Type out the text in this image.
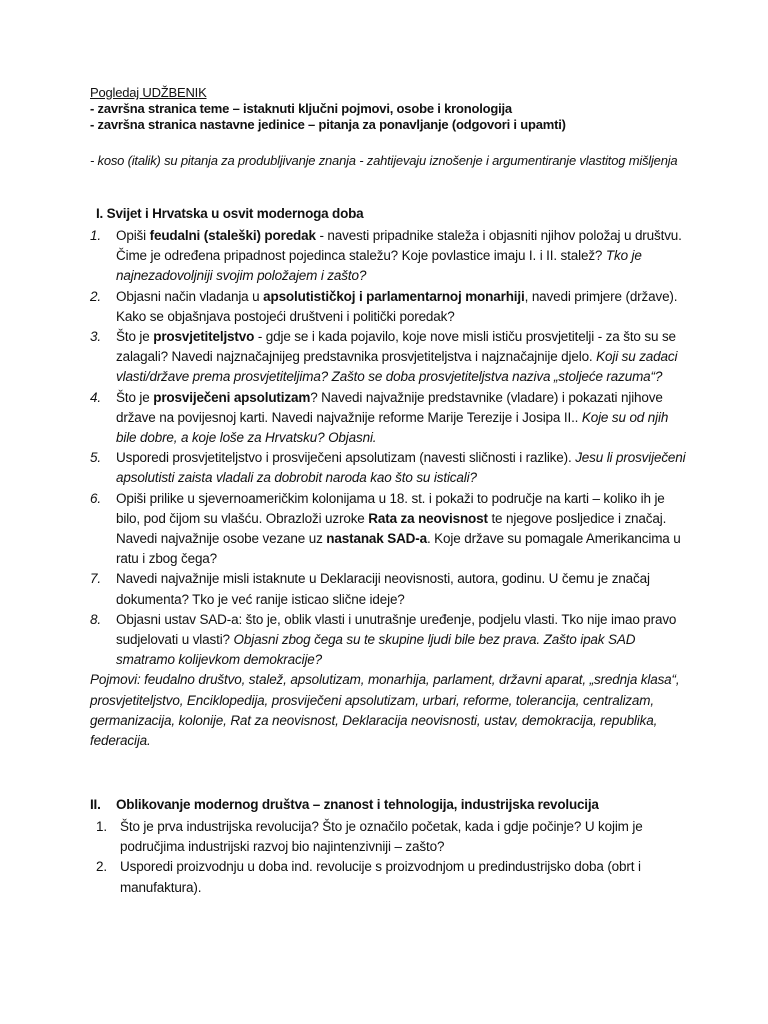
Pogledaj UDŽBENIK
- završna stranica teme – istaknuti ključni pojmovi, osobe i kronologija
- završna stranica nastavne jedinice – pitanja za ponavljanje (odgovori i upamti)
- koso (italik) su pitanja za produbljivanje znanja - zahtijevaju iznošenje i argumentiranje vlastitog mišljenja
I. Svijet i Hrvatska u osvit modernoga doba
1. Opiši feudalni (staleški) poredak - navesti pripadnike staleža i objasniti njihov položaj u društvu. Čime je određena pripadnost pojedinca staležu? Koje povlastice imaju I. i II. stalež? Tko je najnezadovoljniji svojim položajem i zašto?
2. Objasni način vladanja u apsolutističkoj i parlamentarnoj monarhiji, navedi primjere (države). Kako se objašnjava postojeći društveni i politički poredak?
3. Što je prosvjetiteljstvo - gdje se i kada pojavilo, koje nove misli ističu prosvjetitelji - za što su se zalagali? Navedi najznačajnijeg predstavnika prosvjetiteljstva i najznačajnije djelo. Koji su zadaci vlasti/države prema prosvjetiteljima? Zašto se doba prosvjetiteljstva naziva „stoljeće razuma“?
4. Što je prosviječeni apsolutizam? Navedi najvažnije predstavnike (vladare) i pokazati njihove države na povijesnoj karti. Navedi najvažnije reforme Marije Terezije i Josipa II.. Koje su od njih bile dobre, a koje loše za Hrvatsku? Objasni.
5. Usporedi prosvjetiteljstvo i prosviječeni apsolutizam (navesti sličnosti i razlike). Jesu li prosviječeni apsolutisti zaista vladali za dobrobit naroda kao što su isticali?
6. Opiši prilike u sjevernoameričkim kolonijama u 18. st. i pokaži to područje na karti – koliko ih je bilo, pod čijom su vlašću. Obrazloži uzroke Rata za neovisnost te njegove posljedice i značaj. Navedi najvažnije osobe vezane uz nastanak SAD-a. Koje države su pomagale Amerikancima u ratu i zbog čega?
7. Navedi najvažnije misli istaknute u Deklaraciji neovisnosti, autora, godinu. U čemu je značaj dokumenta? Tko je već ranije isticao slične ideje?
8. Objasni ustav SAD-a: što je, oblik vlasti i unutrašnje uređenje, podjelu vlasti. Tko nije imao pravo sudjelovati u vlasti? Objasni zbog čega su te skupine ljudi bile bez prava. Zašto ipak SAD smatramo kolijevkom demokracije?
Pojmovi: feudalno društvo, stalež, apsolutizam, monarhija, parlament, državni aparat, „srednja klasa“, prosvjetiteljstvo, Enciklopedija, prosviječeni apsolutizam, urbari, reforme, tolerancija, centralizam, germanizacija, kolonije, Rat za neovisnost, Deklaracija neovisnosti, ustav, demokracija, republika, federacija.
II. Oblikovanje modernog društva – znanost i tehnologija, industrijska revolucija
1. Što je prva industrijska revolucija? Što je označilo početak, kada i gdje počinje? U kojim je područjima industrijski razvoj bio najintenzivniji – zašto?
2. Usporedi proizvodnju u doba ind. revolucije s proizvodnjom u predindustrijsko doba (obrt i manufaktura).
